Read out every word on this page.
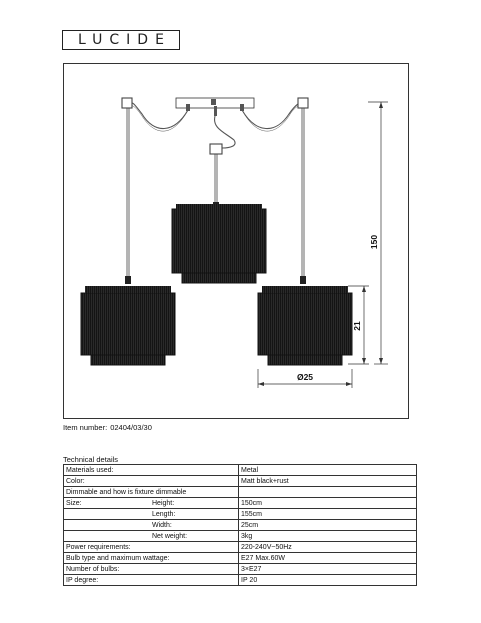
LUCIDE
150
21
Ø25
Item number: 02404/03/30
Technical details
Materials used:	Metal
Color:	Matt black+rust
Dimmable and how is fixture dimmable	
Size: Height:	150cm
Length:	155cm
Width:	25cm
Net weight:	3kg
Power requirements:	220-240V~50Hz
Bulb type and maximum wattage:	E27 Max.60W
Number of bulbs:	3×E27
IP degree:	IP 20
